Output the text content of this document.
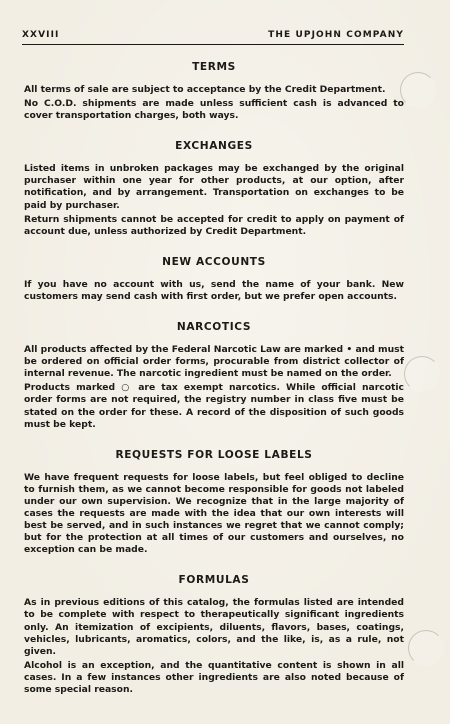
XXVIII	THE UPJOHN COMPANY
TERMS

All terms of sale are subject to acceptance by the Credit Department.

No C.O.D. shipments are made unless sufficient cash is advanced to cover transportation charges, both ways.

EXCHANGES

Listed items in unbroken packages may be exchanged by the original purchaser within one year for other products, at our option, after notification, and by arrangement. Transportation on exchanges to be paid by purchaser.

Return shipments cannot be accepted for credit to apply on payment of account due, unless authorized by Credit Department.

NEW ACCOUNTS

If you have no account with us, send the name of your bank. New customers may send cash with first order, but we prefer open accounts.

NARCOTICS

All products affected by the Federal Narcotic Law are marked • and must be ordered on official order forms, procurable from district collector of internal revenue. The narcotic ingredient must be named on the order.

Products marked ○ are tax exempt narcotics. While official narcotic order forms are not required, the registry number in class five must be stated on the order for these. A record of the disposition of such goods must be kept.

REQUESTS FOR LOOSE LABELS

We have frequent requests for loose labels, but feel obliged to decline to furnish them, as we cannot become responsible for goods not labeled under our own supervision. We recognize that in the large majority of cases the requests are made with the idea that our own interests will best be served, and in such instances we regret that we cannot comply; but for the protection at all times of our customers and ourselves, no exception can be made.

FORMULAS

As in previous editions of this catalog, the formulas listed are intended to be complete with respect to therapeutically significant ingredients only. An itemization of excipients, diluents, flavors, bases, coatings, vehicles, lubricants, aromatics, colors, and the like, is, as a rule, not given.

Alcohol is an exception, and the quantitative content is shown in all cases. In a few instances other ingredients are also noted because of some special reason.
